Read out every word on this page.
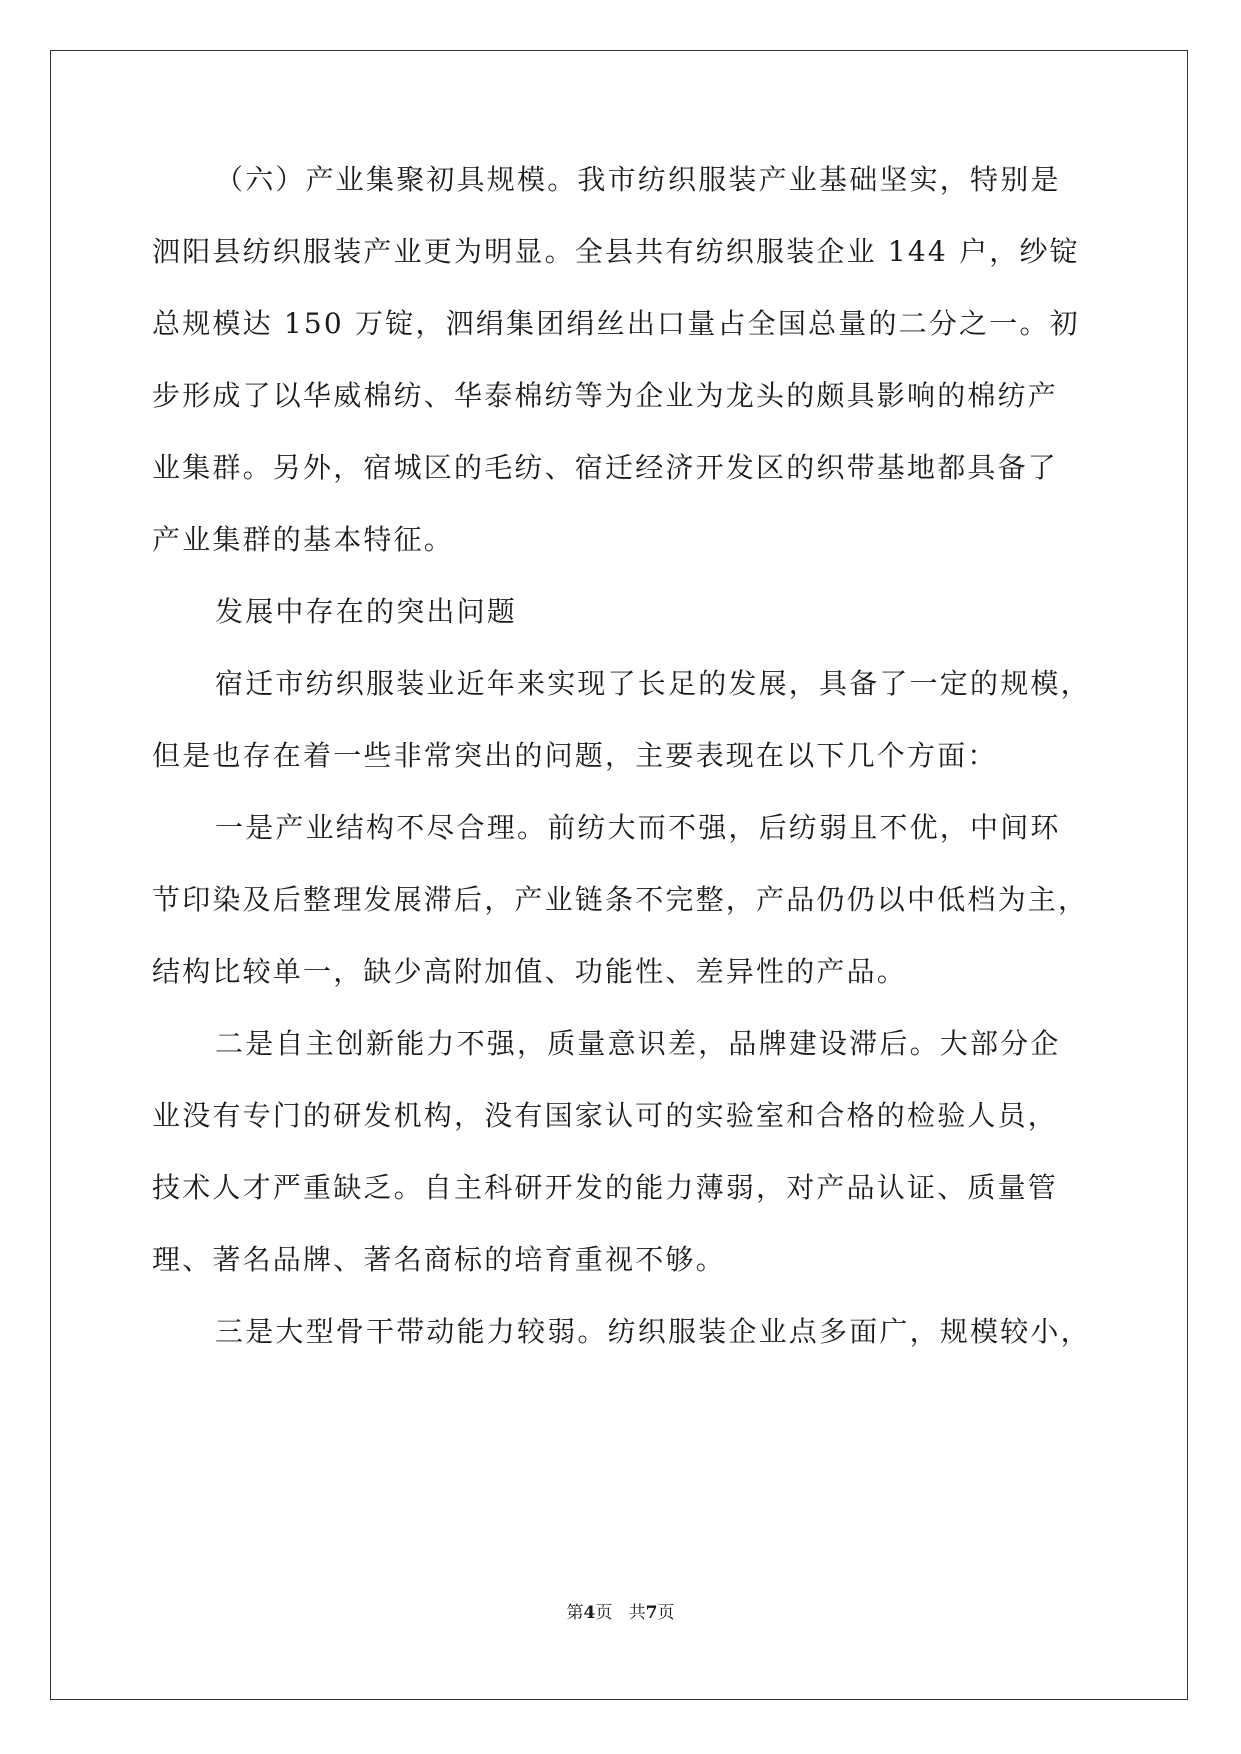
（六）产业集聚初具规模。我市纺织服装产业基础坚实，特别是
泗阳县纺织服装产业更为明显。全县共有纺织服装企业 144 户，纱锭
总规模达 150 万锭，泗绢集团绢丝出口量占全国总量的二分之一。初
步形成了以华威棉纺、华泰棉纺等为企业为龙头的颇具影响的棉纺产
业集群。另外，宿城区的毛纺、宿迁经济开发区的织带基地都具备了
产业集群的基本特征。
发展中存在的突出问题
宿迁市纺织服装业近年来实现了长足的发展，具备了一定的规模，
但是也存在着一些非常突出的问题，主要表现在以下几个方面：
一是产业结构不尽合理。前纺大而不强，后纺弱且不优，中间环
节印染及后整理发展滞后，产业链条不完整，产品仍仍以中低档为主，
结构比较单一，缺少高附加值、功能性、差异性的产品。
二是自主创新能力不强，质量意识差，品牌建设滞后。大部分企
业没有专门的研发机构，没有国家认可的实验室和合格的检验人员，
技术人才严重缺乏。自主科研开发的能力薄弱，对产品认证、质量管
理、著名品牌、著名商标的培育重视不够。
三是大型骨干带动能力较弱。纺织服装企业点多面广，规模较小，
第4页 共7页
